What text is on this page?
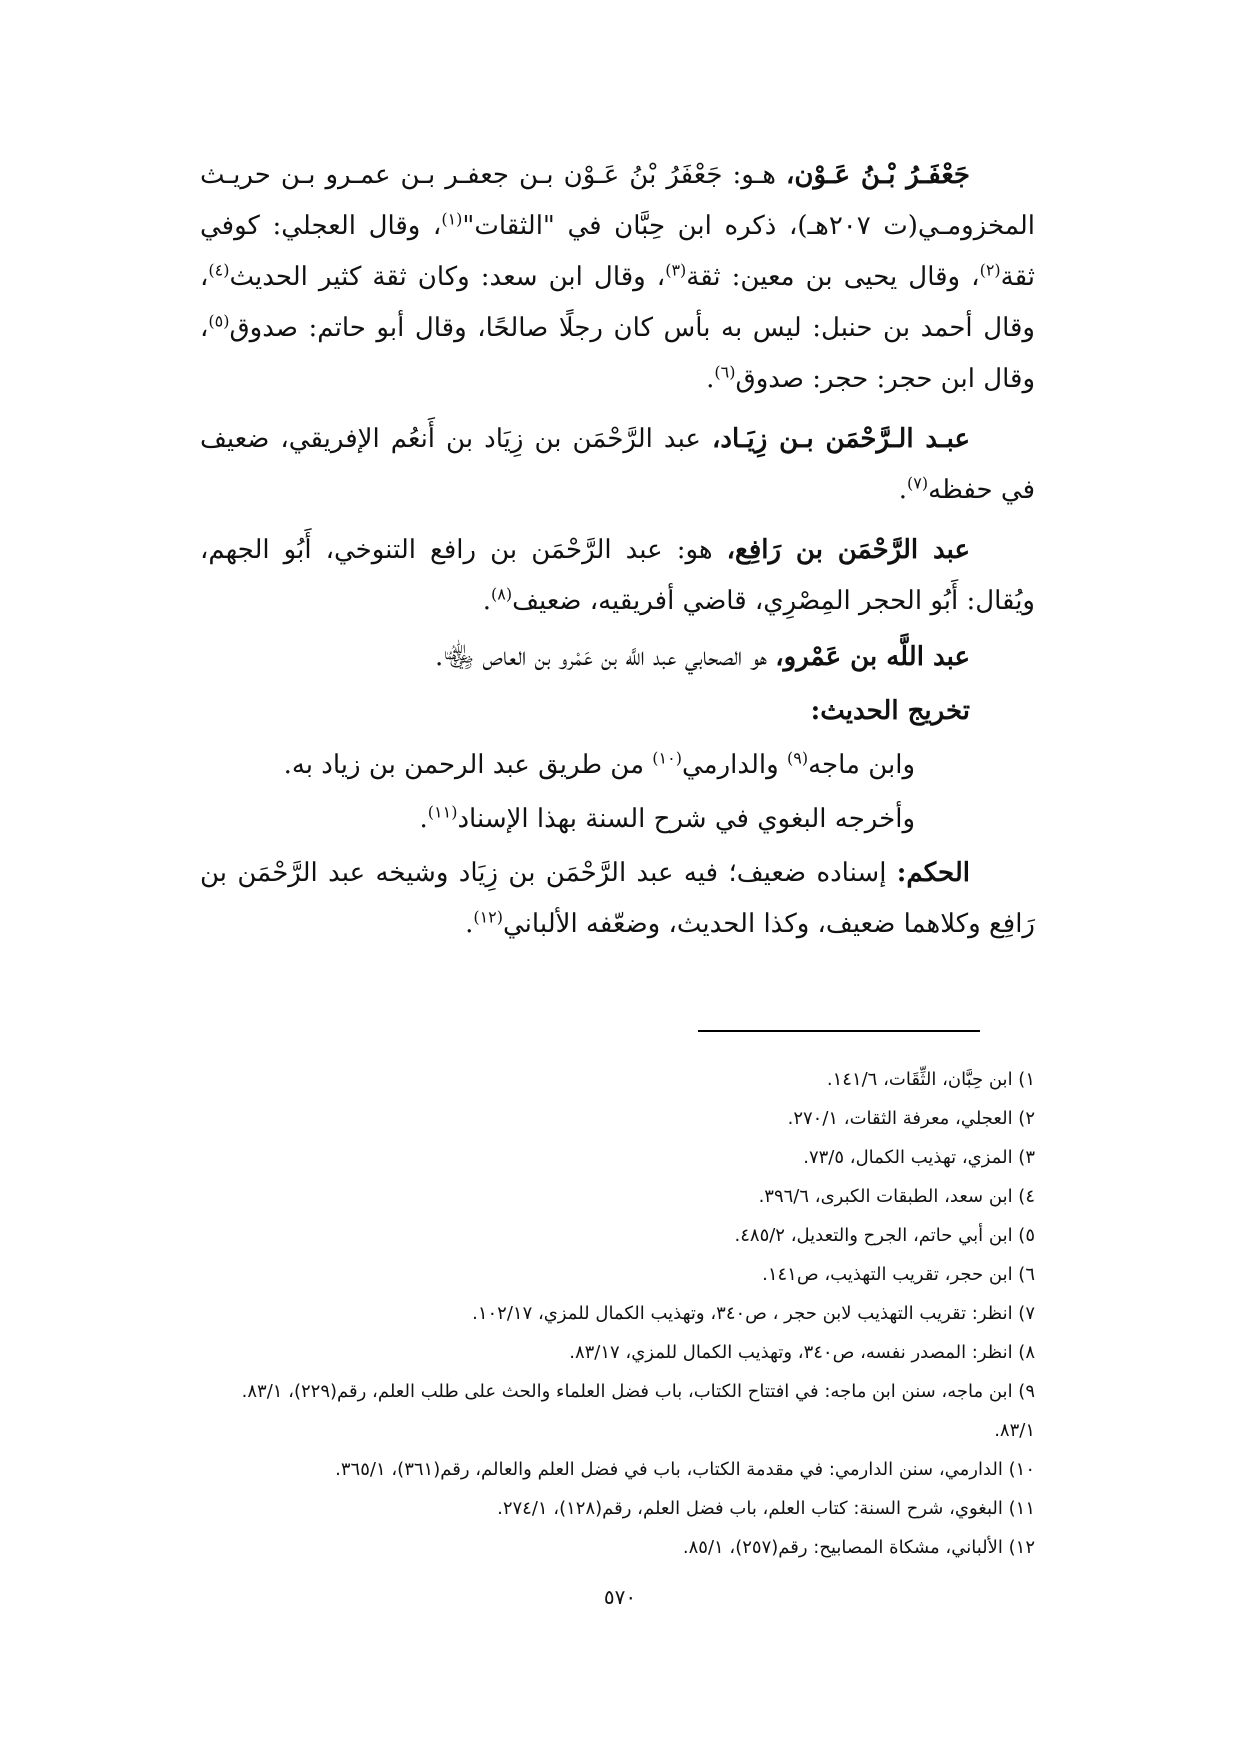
جَعْفَـرُ بْـنُ عَـوْن، هـو: جَعْفَرُ بْنُ عَـوْن بـن جعفـر بـن عمـرو بـن حريـث المخزومـي(ت ٢٠٧هـ)، ذكره ابن حِبَّان في "الثقات"$^{(١)}$، وقال العجلي: كوفي ثقة$^{(٢)}$، وقال يحيى بن معين: ثقة$^{(٣)}$، وقال ابن سعد: وكان ثقة كثير الحديث$^{(٤)}$، وقال أحمد بن حنبل: ليس به بأس كان رجلًا صالحًا، وقال أبو حاتم: صدوق$^{(٥)}$، وقال ابن حجر: حجر: صدوق$^{(٦)}$.

عبـد الـرَّحْمَن بـن زِيَـاد، عبد الرَّحْمَن بن زِيَاد بن أَنعُم الإفريقي، ضعيف في حفظه$^{(٧)}$.

عبد الرَّحْمَن بن رَافِع، هو: عبد الرَّحْمَن بن رافع التنوخي، أَبُو الجهم، ويُقال: أَبُو الحجر المِصْرِي، قاضي أفريقيه، ضعيف$^{(٨)}$.

عبد اللَّه بن عَمْرو، هو الصحابي عبد اللَّه بن عَمْرو بن العاص ﵄.

تخريج الحديث:

وابن ماجه$^{(٩)}$ والدارمي$^{(١٠)}$ من طريق عبد الرحمن بن زياد به.

وأخرجه البغوي في شرح السنة بهذا الإسناد$^{(١١)}$.

الحكم: إسناده ضعيف؛ فيه عبد الرَّحْمَن بن زِيَاد وشيخه عبد الرَّحْمَن بن رَافِع وكلاهما ضعيف، وكذا الحديث، وضعّفه الألباني$^{(١٢)}$.

١) ابن حِبَّان، الثِّقَات، ١٤١/٦.
٢) العجلي، معرفة الثقات، ٢٧٠/١.
٣) المزي، تهذيب الكمال، ٧٣/٥.
٤) ابن سعد، الطبقات الكبرى، ٣٩٦/٦.
٥) ابن أبي حاتم، الجرح والتعديل، ٤٨٥/٢.
٦) ابن حجر، تقريب التهذيب، ص١٤١.
٧) انظر: تقريب التهذيب لابن حجر ، ص٣٤٠، وتهذيب الكمال للمزي، ١٠٢/١٧.
٨) انظر: المصدر نفسه، ص٣٤٠، وتهذيب الكمال للمزي، ٨٣/١٧.
٩) ابن ماجه، سنن ابن ماجه: في افتتاح الكتاب، باب فضل العلماء والحث على طلب العلم، رقم(٢٢٩)، ٨٣/١.
٨٣/١.
١٠) الدارمي، سنن الدارمي: في مقدمة الكتاب، باب في فضل العلم والعالم، رقم(٣٦١)، ٣٦٥/١.
١١) البغوي، شرح السنة: كتاب العلم، باب فضل العلم، رقم(١٢٨)، ٢٧٤/١.
١٢) الألباني، مشكاة المصابيح: رقم(٢٥٧)، ٨٥/١.
٥٧٠
